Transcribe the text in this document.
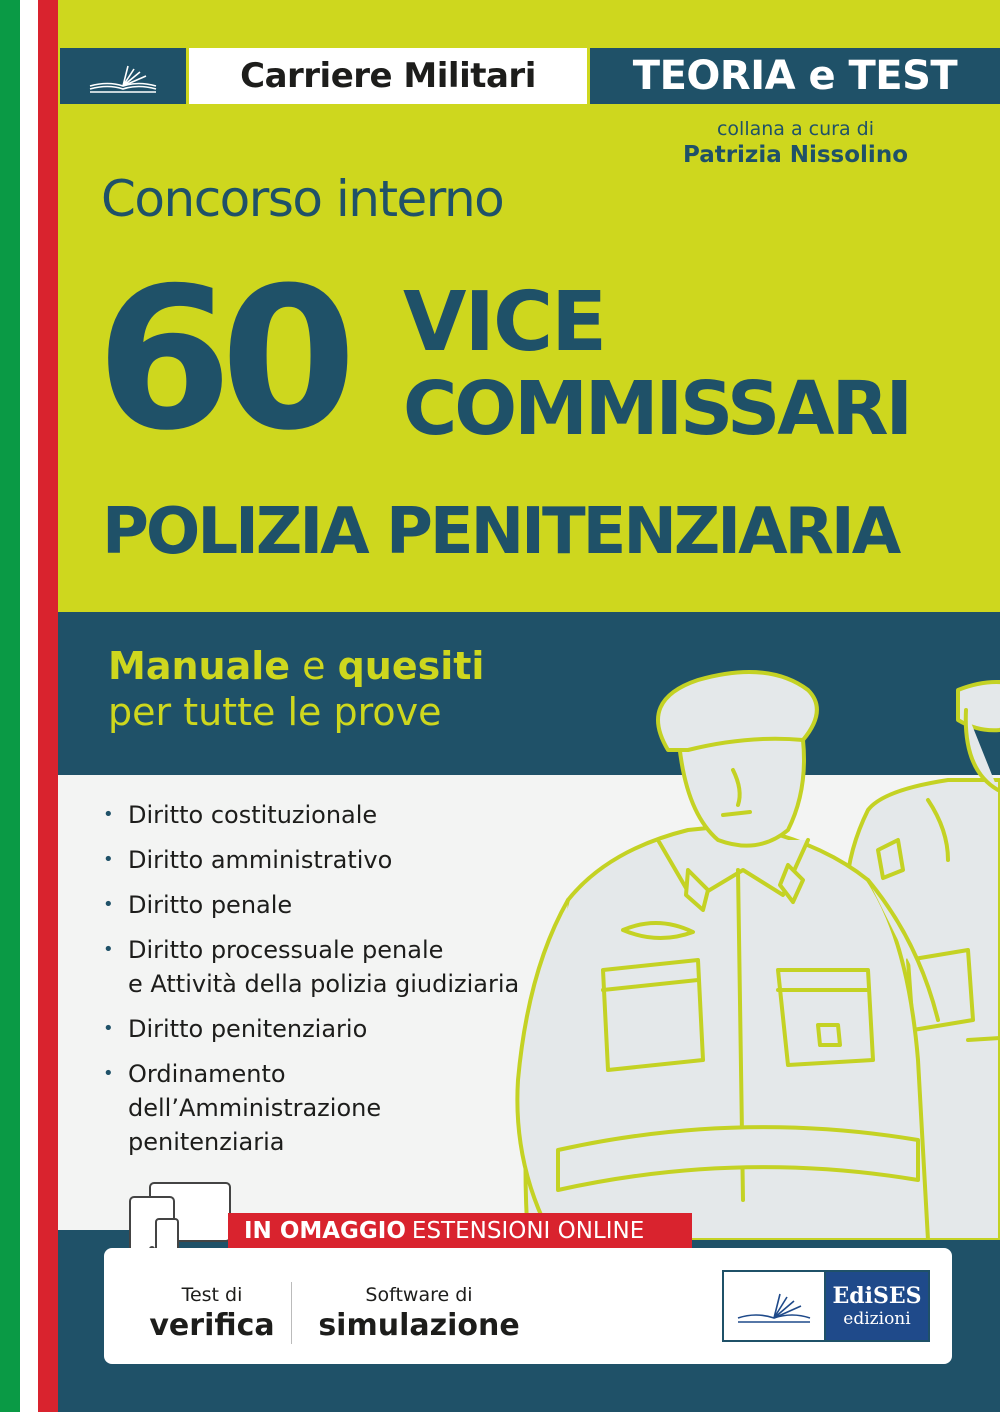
Carriere Militari TEORIA e TEST
collana a cura di
Patrizia Nissolino
Concorso interno
60 VICE
COMMISSARI
POLIZIA PENITENZIARIA
Manuale e quesiti
per tutte le prove
• Diritto costituzionale
• Diritto amministrativo
• Diritto penale
• Diritto processuale penale
e Attività della polizia giudiziaria
• Diritto penitenziario
• Ordinamento
dell’Amministrazione
penitenziaria
IN OMAGGIO ESTENSIONI ONLINE
Test di
verifica
Software di
simulazione
EdiSES
edizioni
